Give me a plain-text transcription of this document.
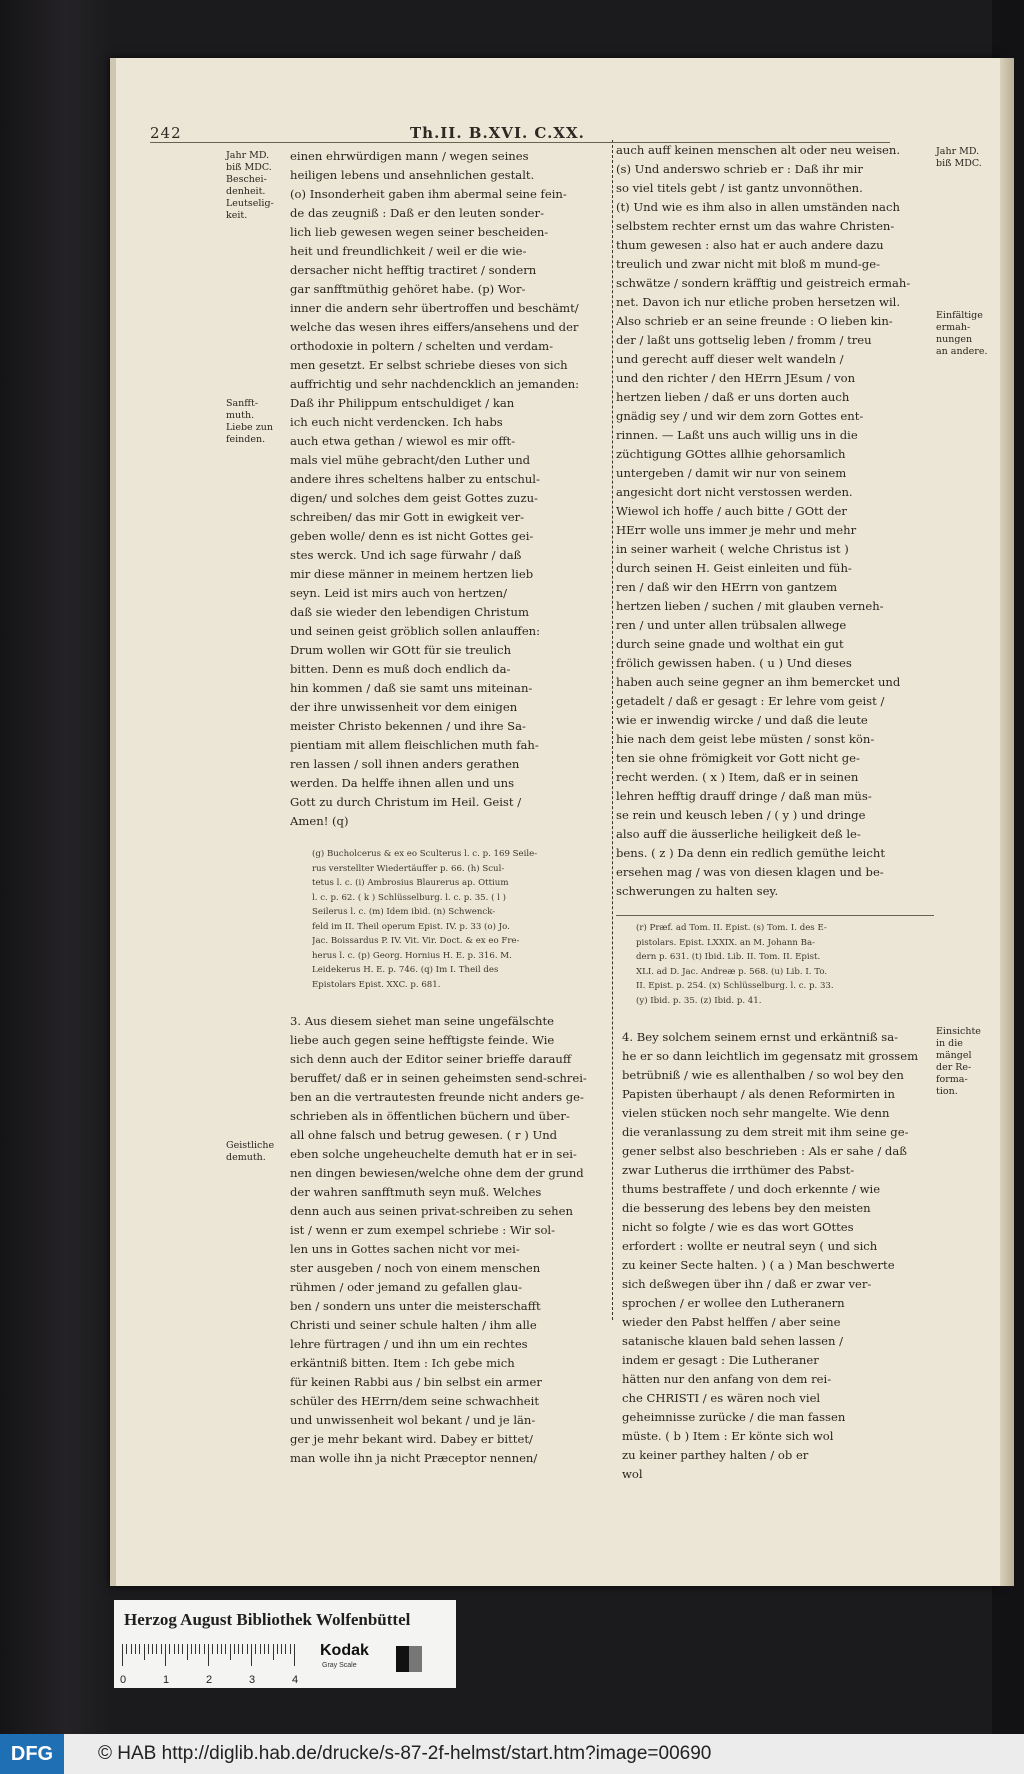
242	Th.II. B.XVI. C.XX.
Jahr MD.
biß MDC.
Beschei-
denheit.
Leutselig-
keit.
Sanfft-
muth.
Liebe zun
feinden.
Geistliche
demuth.
Jahr MD.
biß MDC.
Einfältige
ermah-
nungen
an andere.
Einsichte
in die
mängel
der Re-
forma-
tion.
einen ehrwürdigen mann / wegen seines
heiligen lebens und ansehnlichen gestalt.
(o) Insonderheit gaben ihm abermal seine fein-
de das zeugniß : Daß er den leuten sonder-
lich lieb gewesen wegen seiner bescheiden-
heit und freundlichkeit / weil er die wie-
dersacher nicht hefftig tractiret / sondern
gar sanfftmüthig gehöret habe. (p) Wor-
inner die andern sehr übertroffen und beschämt/
welche das wesen ihres eiffers/ansehens und der
orthodoxie in poltern / schelten und verdam-
men gesetzt. Er selbst schriebe dieses von sich
auffrichtig und sehr nachdencklich an jemanden:
Daß ihr Philippum entschuldiget / kan
ich euch nicht verdencken. Ich habs
auch etwa gethan / wiewol es mir offt-
mals viel mühe gebracht/den Luther und
andere ihres scheltens halber zu entschul-
digen/ und solches dem geist Gottes zuzu-
schreiben/ das mir Gott in ewigkeit ver-
geben wolle/ denn es ist nicht Gottes gei-
stes werck. Und ich sage fürwahr / daß
mir diese männer in meinem hertzen lieb
seyn. Leid ist mirs auch von hertzen/
daß sie wieder den lebendigen Christum
und seinen geist gröblich sollen anlauffen:
Drum wollen wir GOtt für sie treulich
bitten. Denn es muß doch endlich da-
hin kommen / daß sie samt uns miteinan-
der ihre unwissenheit vor dem einigen
meister Christo bekennen / und ihre Sa-
pientiam mit allem fleischlichen muth fah-
ren lassen / soll ihnen anders gerathen
werden. Da helffe ihnen allen und uns
Gott zu durch Christum im Heil. Geist /
Amen! (q)
(g) Bucholcerus & ex eo Sculterus l. c. p. 169 Seile-
rus verstellter Wiedertäuffer p. 66. (h) Scul-
tetus l. c. (i) Ambrosius Blaurerus ap. Ottium
l. c. p. 62. ( k ) Schlüsselburg. l. c. p. 35. ( l )
Seilerus l. c. (m) Idem ibid. (n) Schwenck-
feld im II. Theil operum Epist. IV. p. 33 (o) Jo.
Jac. Boissardus P. IV. Vit. Vir. Doct. & ex eo Fre-
herus l. c. (p) Georg. Hornius H. E. p. 316. M.
Leidekerus H. E. p. 746. (q) Im I. Theil des
Epistolars Epist. XXC. p. 681.
3. Aus diesem siehet man seine ungefälschte
liebe auch gegen seine hefftigste feinde. Wie
sich denn auch der Editor seiner brieffe darauff
beruffet/ daß er in seinen geheimsten send-schrei-
ben an die vertrautesten freunde nicht anders ge-
schrieben als in öffentlichen büchern und über-
all ohne falsch und betrug gewesen. ( r ) Und
eben solche ungeheuchelte demuth hat er in sei-
nen dingen bewiesen/welche ohne dem der grund
der wahren sanfftmuth seyn muß. Welches
denn auch aus seinen privat-schreiben zu sehen
ist / wenn er zum exempel schriebe : Wir sol-
len uns in Gottes sachen nicht vor mei-
ster ausgeben / noch von einem menschen
rühmen / oder jemand zu gefallen glau-
ben / sondern uns unter die meisterschafft
Christi und seiner schule halten / ihm alle
lehre fürtragen / und ihn um ein rechtes
erkäntniß bitten. Item : Ich gebe mich
für keinen Rabbi aus / bin selbst ein armer
schüler des HErrn/dem seine schwachheit
und unwissenheit wol bekant / und je län-
ger je mehr bekant wird. Dabey er bittet/
man wolle ihn ja nicht Præceptor nennen/
auch auff keinen menschen alt oder neu weisen.
(s) Und anderswo schrieb er : Daß ihr mir
so viel titels gebt / ist gantz unvonnöthen.
(t) Und wie es ihm also in allen umständen nach
selbstem rechter ernst um das wahre Christen-
thum gewesen : also hat er auch andere dazu
treulich und zwar nicht mit bloß m mund-ge-
schwätze / sondern kräfftig und geistreich ermah-
net. Davon ich nur etliche proben hersetzen wil.
Also schrieb er an seine freunde : O lieben kin-
der / laßt uns gottselig leben / fromm / treu
und gerecht auff dieser welt wandeln /
und den richter / den HErrn JEsum / von
hertzen lieben / daß er uns dorten auch
gnädig sey / und wir dem zorn Gottes ent-
rinnen. — Laßt uns auch willig uns in die
züchtigung GOttes allhie gehorsamlich
untergeben / damit wir nur von seinem
angesicht dort nicht verstossen werden.
Wiewol ich hoffe / auch bitte / GOtt der
HErr wolle uns immer je mehr und mehr
in seiner warheit ( welche Christus ist )
durch seinen H. Geist einleiten und füh-
ren / daß wir den HErrn von gantzem
hertzen lieben / suchen / mit glauben verneh-
ren / und unter allen trübsalen allwege
durch seine gnade und wolthat ein gut
frölich gewissen haben. ( u ) Und dieses
haben auch seine gegner an ihm bemercket und
getadelt / daß er gesagt : Er lehre vom geist /
wie er inwendig wircke / und daß die leute
hie nach dem geist lebe müsten / sonst kön-
ten sie ohne frömigkeit vor Gott nicht ge-
recht werden. ( x ) Item, daß er in seinen
lehren hefftig drauff dringe / daß man müs-
se rein und keusch leben / ( y ) und dringe
also auff die äusserliche heiligkeit deß le-
bens. ( z ) Da denn ein redlich gemüthe leicht
ersehen mag / was von diesen klagen und be-
schwerungen zu halten sey.
(r) Præf. ad Tom. II. Epist. (s) Tom. I. des E-
pistolars. Epist. LXXIX. an M. Johann Ba-
dern p. 631. (t) Ibid. Lib. II. Tom. II. Epist.
XLI. ad D. Jac. Andreæ p. 568. (u) Lib. I. To.
II. Epist. p. 254. (x) Schlüsselburg. l. c. p. 33.
(y) Ibid. p. 35. (z) Ibid. p. 41.
4. Bey solchem seinem ernst und erkäntniß sa-
he er so dann leichtlich im gegensatz mit grossem
betrübniß / wie es allenthalben / so wol bey den
Papisten überhaupt / als denen Reformirten in
vielen stücken noch sehr mangelte. Wie denn
die veranlassung zu dem streit mit ihm seine ge-
gener selbst also beschrieben : Als er sahe / daß
zwar Lutherus die irrthümer des Pabst-
thums bestraffete / und doch erkennte / wie
die besserung des lebens bey den meisten
nicht so folgte / wie es das wort GOttes
erfordert : wollte er neutral seyn ( und sich
zu keiner Secte halten. ) ( a ) Man beschwerte
sich deßwegen über ihn / daß er zwar ver-
sprochen / er wollee den Lutheranern
wieder den Pabst helffen / aber seine
satanische klauen bald sehen lassen /
indem er gesagt : Die Lutheraner
hätten nur den anfang von dem rei-
che CHRISTI / es wären noch viel
geheimnisse zurücke / die man fassen
müste. ( b ) Item : Er könte sich wol
zu keiner parthey halten / ob er
wol
Herzog August Bibliothek Wolfenbüttel
0	1	2	3	4
Kodak
Gray Scale
DFG	© HAB http://diglib.hab.de/drucke/s-87-2f-helmst/start.htm?image=00690
